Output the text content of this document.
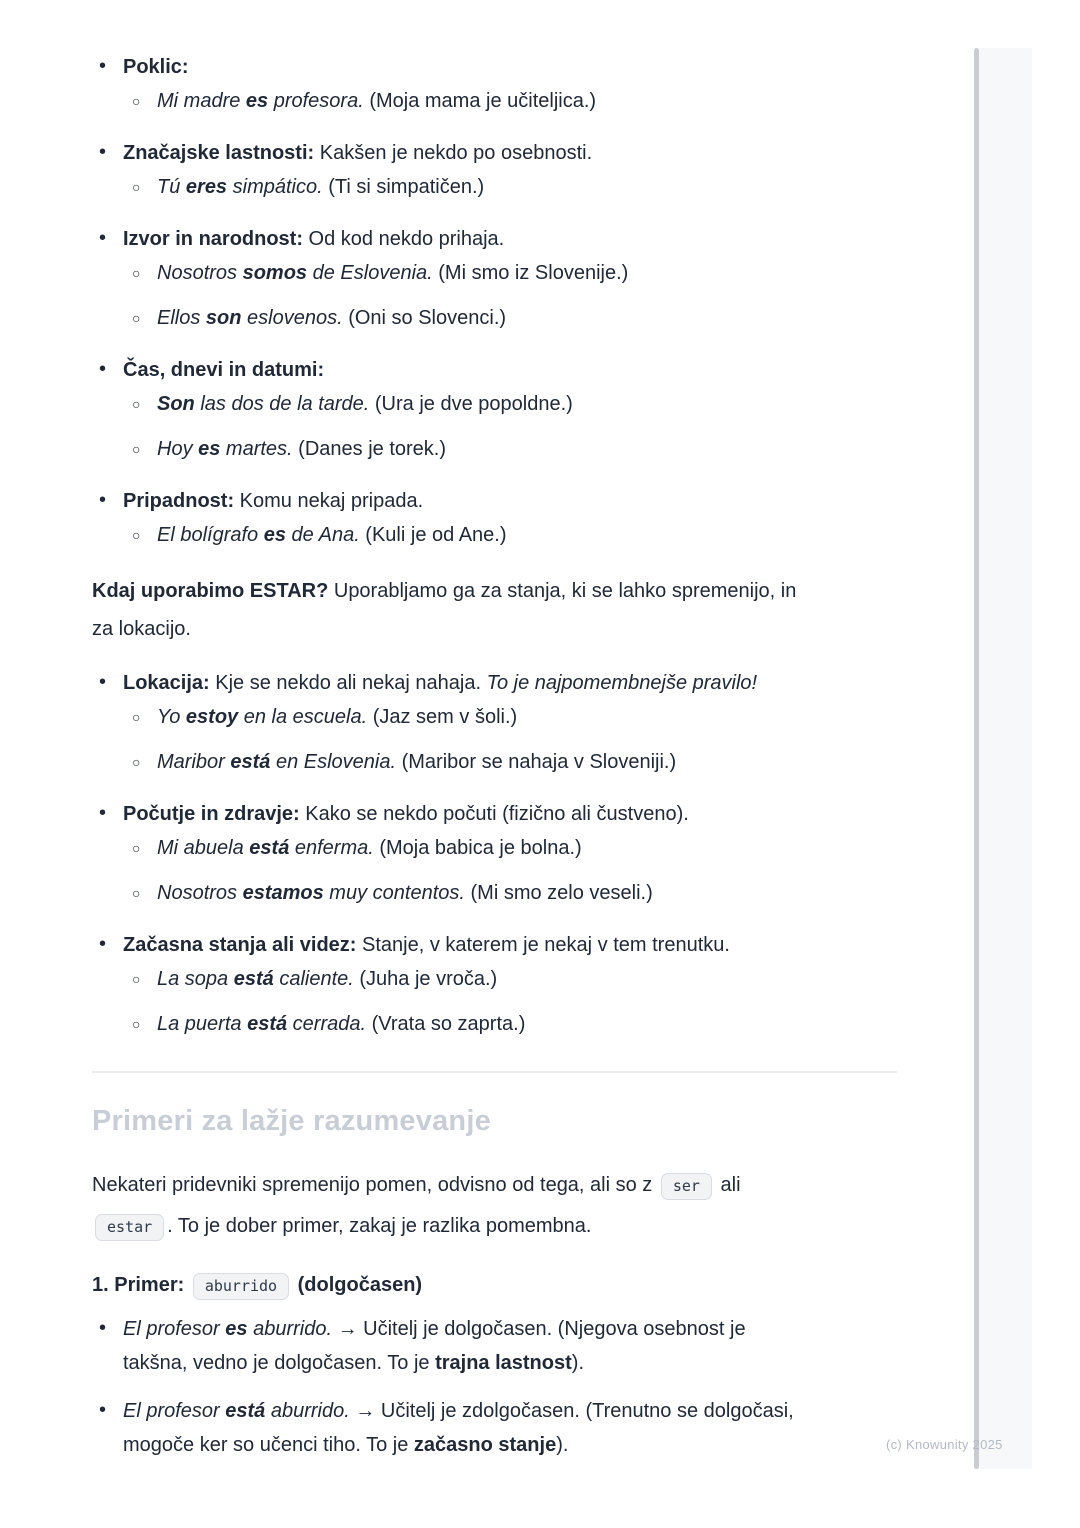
• Poklic:
○ Mi madre es profesora. (Moja mama je učiteljica.)
• Značajske lastnosti: Kakšen je nekdo po osebnosti.
○ Tú eres simpático. (Ti si simpatičen.)
• Izvor in narodnost: Od kod nekdo prihaja.
○ Nosotros somos de Eslovenia. (Mi smo iz Slovenije.)
○ Ellos son eslovenos. (Oni so Slovenci.)
• Čas, dnevi in datumi:
○ Son las dos de la tarde. (Ura je dve popoldne.)
○ Hoy es martes. (Danes je torek.)
• Pripadnost: Komu nekaj pripada.
○ El bolígrafo es de Ana. (Kuli je od Ane.)
Kdaj uporabimo ESTAR? Uporabljamo ga za stanja, ki se lahko spremenijo, in
za lokacijo.
• Lokacija: Kje se nekdo ali nekaj nahaja. To je najpomembnejše pravilo!
○ Yo estoy en la escuela. (Jaz sem v šoli.)
○ Maribor está en Eslovenia. (Maribor se nahaja v Sloveniji.)
• Počutje in zdravje: Kako se nekdo počuti (fizično ali čustveno).
○ Mi abuela está enferma. (Moja babica je bolna.)
○ Nosotros estamos muy contentos. (Mi smo zelo veseli.)
• Začasna stanja ali videz: Stanje, v katerem je nekaj v tem trenutku.
○ La sopa está caliente. (Juha je vroča.)
○ La puerta está cerrada. (Vrata so zaprta.)
Primeri za lažje razumevanje
Nekateri pridevniki spremenijo pomen, odvisno od tega, ali so z ser ali
estar . To je dober primer, zakaj je razlika pomembna.
1. Primer: aburrido (dolgočasen)
• El profesor es aburrido. → Učitelj je dolgočasen. (Njegova osebnost je
takšna, vedno je dolgočasen. To je trajna lastnost).
• El profesor está aburrido. → Učitelj je zdolgočasen. (Trenutno se dolgočasi,
mogoče ker so učenci tiho. To je začasno stanje).	(c) Knowunity 2025
